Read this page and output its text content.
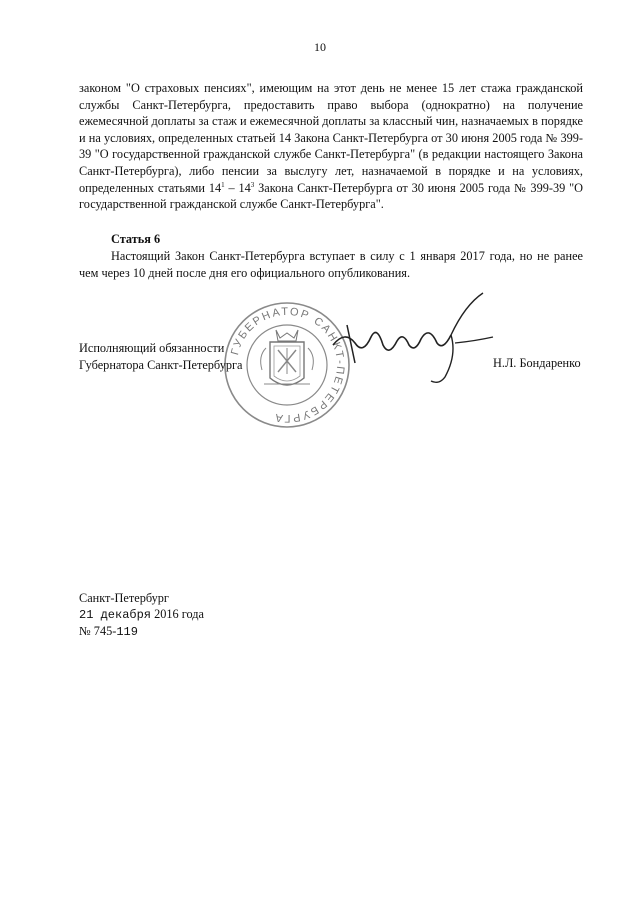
10

законом "О страховых пенсиях", имеющим на этот день не менее 15 лет стажа гражданской службы Санкт-Петербурга, предоставить право выбора (однократно) на получение ежемесячной доплаты за стаж и ежемесячной доплаты за классный чин, назначаемых в порядке и на условиях, определенных статьей 14 Закона Санкт-Петербурга от 30 июня 2005 года № 399-39 "О государственной гражданской службе Санкт-Петербурга" (в редакции настоящего Закона Санкт-Петербурга), либо пенсии за выслугу лет, назначаемой в порядке и на условиях, определенных статьями $14^1 - 14^3$ Закона Санкт-Петербурга от 30 июня 2005 года № 399-39 "О государственной гражданской службе Санкт-Петербурга".

Статья 6
Настоящий Закон Санкт-Петербурга вступает в силу с 1 января 2017 года, но не ранее чем через 10 дней после дня его официального опубликования.
ГУБЕРНАТОР САНКТ-ПЕТЕРБУРГА
Исполняющий обязанности
Губернатора Санкт-Петербурга	Н.Л. Бондаренко
Санкт-Петербург
21 декабря 2016 года
№ 745-119
